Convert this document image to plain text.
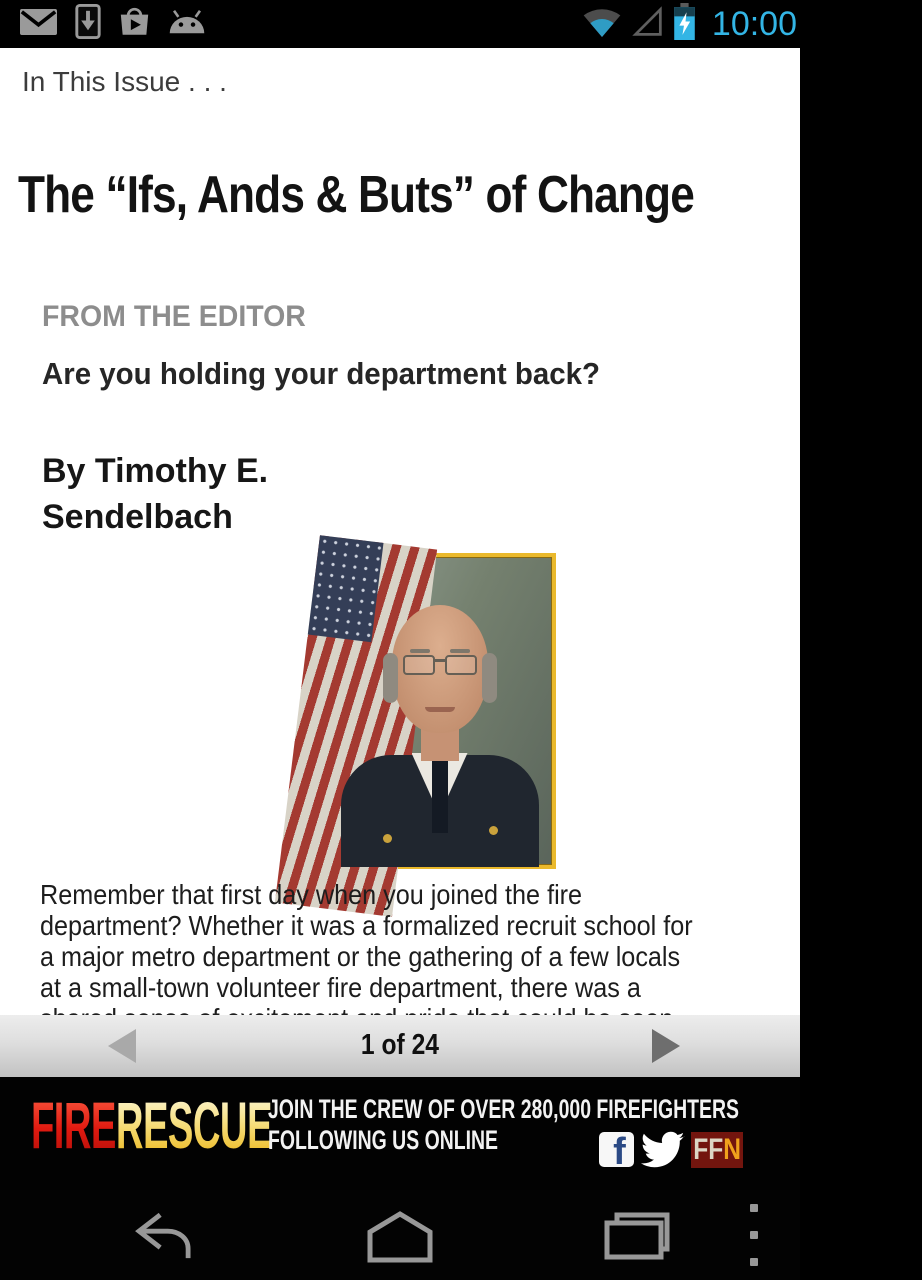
10:00
In This Issue . . .
The “Ifs, Ands & Buts” of Change
FROM THE EDITOR
Are you holding your department back?
By Timothy E. Sendelbach
Remember that first day when you joined the fire
department? Whether it was a formalized recruit school for
a major metro department or the gathering of a few locals
at a small-town volunteer fire department, there was a
1 of 24
FIRERESCUE
JOIN THE CREW OF OVER 280,000 FIREFIGHTERS
FOLLOWING US ONLINE	f FFN
